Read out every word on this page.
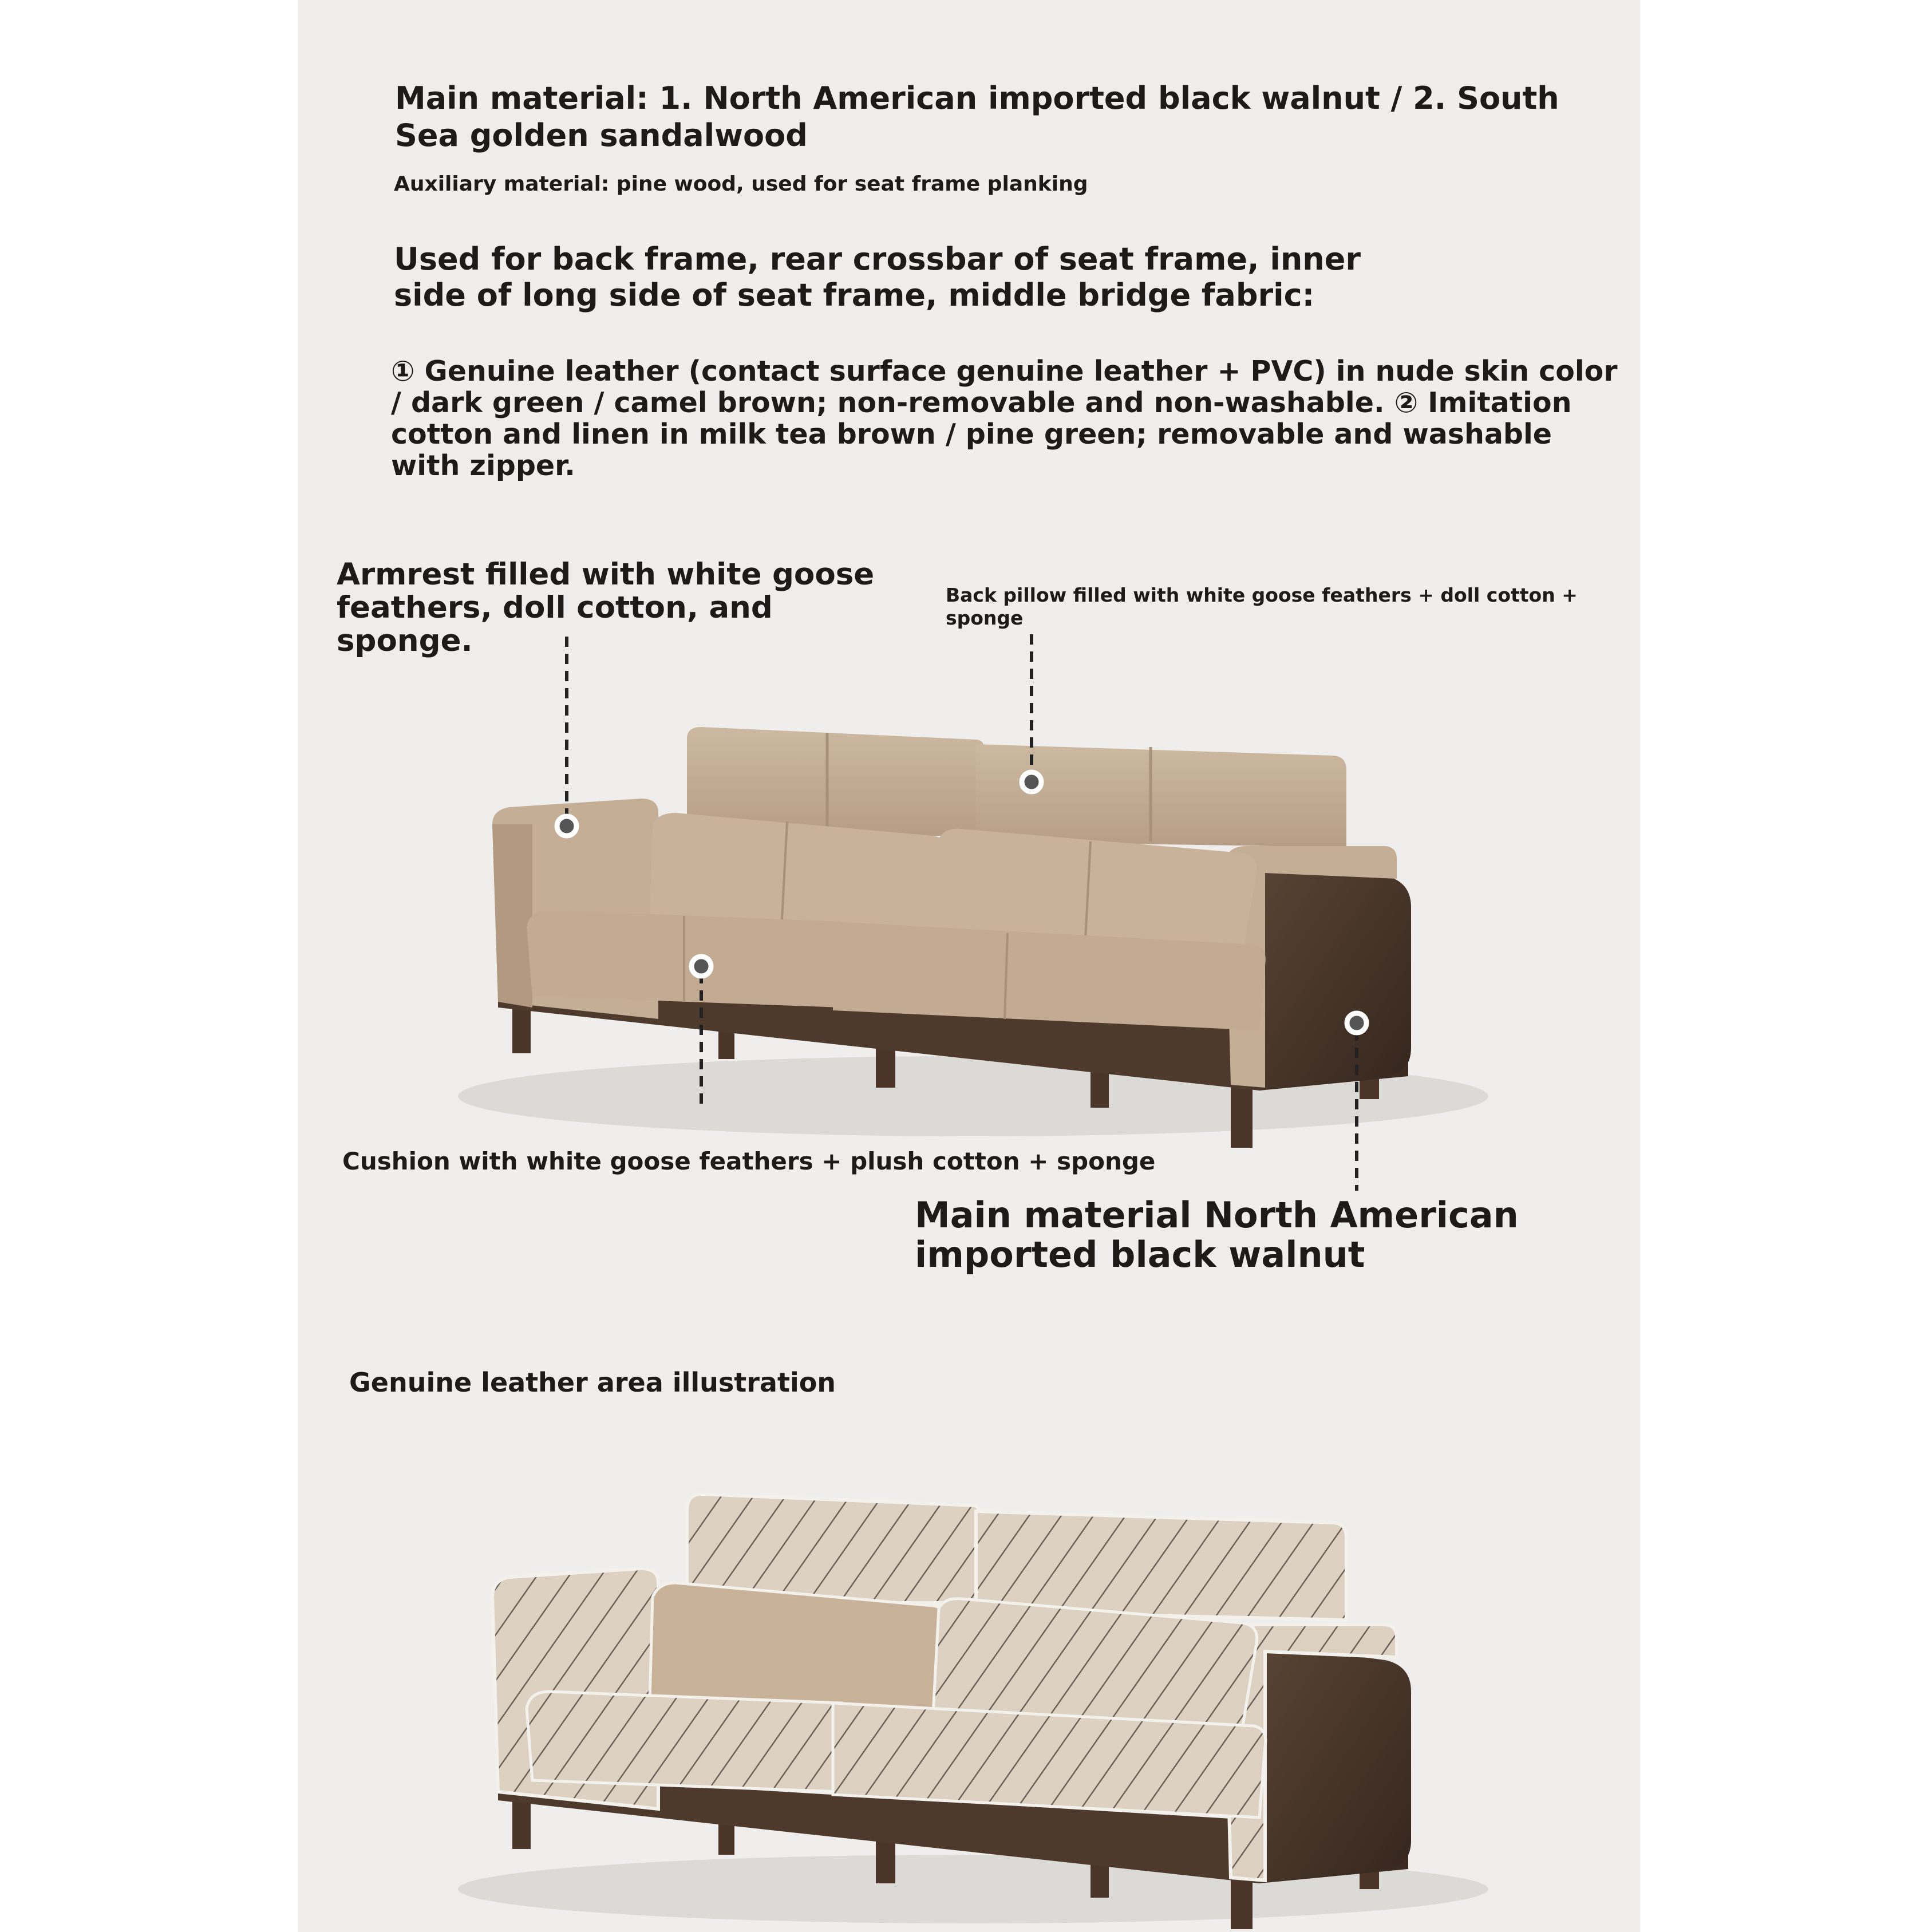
Main material: 1. North American imported black walnut / 2. South Sea golden sandalwood

Auxiliary material: pine wood, used for seat frame planking

Used for back frame, rear crossbar of seat frame, inner side of long side of seat frame, middle bridge fabric:

① Genuine leather (contact surface genuine leather + PVC) in nude skin color / dark green / camel brown; non-removable and non-washable. ② Imitation cotton and linen in milk tea brown / pine green; removable and washable with zipper.

Armrest filled with white goose feathers, doll cotton, and sponge.

Back pillow filled with white goose feathers + doll cotton + sponge

Cushion with white goose feathers + plush cotton + sponge

Main material North American imported black walnut

Genuine leather area illustration
